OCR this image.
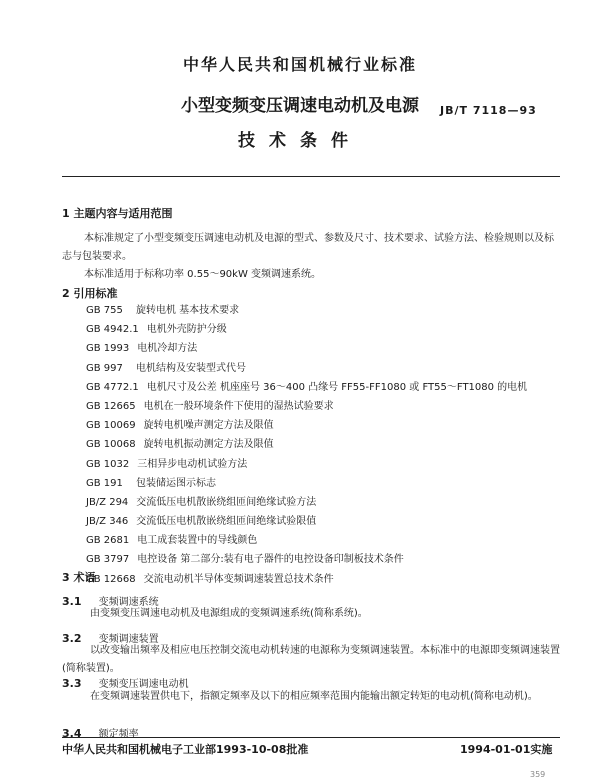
中华人民共和国机械行业标准
小型变频变压调速电动机及电源
技术条件
JB/T 7118—93
1 主题内容与适用范围
本标准规定了小型变频变压调速电动机及电源的型式、参数及尺寸、技术要求、试验方法、检验规则以及标志与包装要求。
本标准适用于标称功率 0.55～90kW 变频调速系统。
2 引用标准
GB 755 旋转电机 基本技术要求
GB 4942.1 电机外壳防护分级
GB 1993 电机冷却方法
GB 997 电机结构及安装型式代号
GB 4772.1 电机尺寸及公差 机座座号 36～400 凸缘号 FF55-FF1080 或 FT55～FT1080 的电机
GB 12665 电机在一般环境条件下使用的湿热试验要求
GB 10069 旋转电机噪声测定方法及限值
GB 10068 旋转电机振动测定方法及限值
GB 1032 三相异步电动机试验方法
GB 191 包装储运图示标志
JB/Z 294 交流低压电机散嵌绕组匝间绝缘试验方法
JB/Z 346 交流低压电机散嵌绕组匝间绝缘试验限值
GB 2681 电工成套装置中的导线颜色
GB 3797 电控设备 第二部分:装有电子器件的电控设备印制板技术条件
GB 12668 交流电动机半导体变频调速装置总技术条件
3 术语
3.1 变频调速系统
由变频变压调速电动机及电源组成的变频调速系统(简称系统)。
3.2 变频调速装置
以改变输出频率及相应电压控制交流电动机转速的电源称为变频调速装置。本标准中的电源即变频调速装置(简称装置)。
3.3 变频变压调速电动机
在变频调速装置供电下，指额定频率及以下的相应频率范围内能输出额定转矩的电动机(简称电动机)。
3.4 额定频率
中华人民共和国机械电子工业部1993-10-08批准	1994-01-01实施
359
